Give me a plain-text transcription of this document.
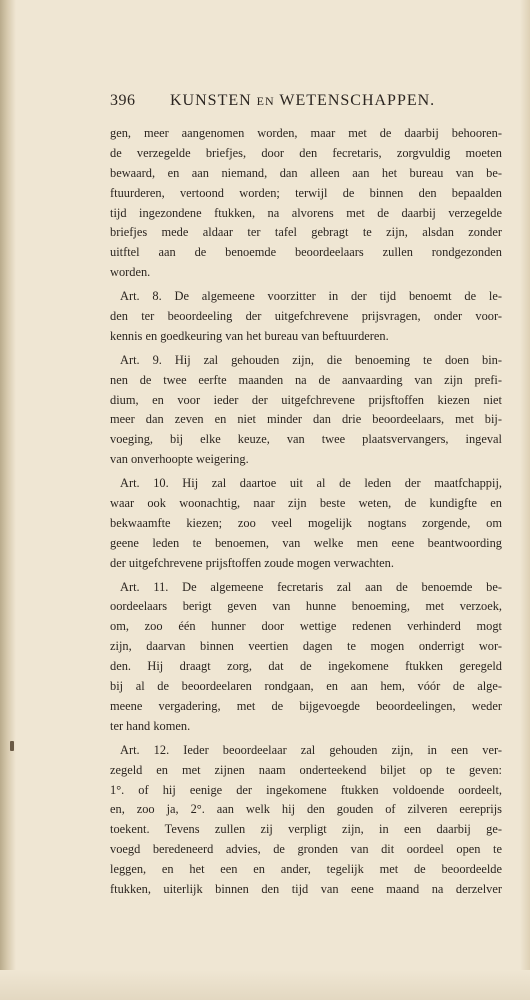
396 KUNSTEN EN WETENSCHAPPEN.
gen, meer aangenomen worden, maar met de daarbij behooren-
de verzegelde briefjes, door den fecretaris, zorgvuldig moeten
bewaard, en aan niemand, dan alleen aan het bureau van be-
ftuurderen, vertoond worden; terwijl de binnen den bepaalden
tijd ingezondene ftukken, na alvorens met de daarbij verzegelde
briefjes mede aldaar ter tafel gebragt te zijn, alsdan zonder
uitftel aan de benoemde beoordeelaars zullen rondgezonden
worden.
Art. 8. De algemeene voorzitter in der tijd benoemt de le-
den ter beoordeeling der uitgefchrevene prijsvragen, onder voor-
kennis en goedkeuring van het bureau van beftuurderen.
Art. 9. Hij zal gehouden zijn, die benoeming te doen bin-
nen de twee eerfte maanden na de aanvaarding van zijn prefi-
dium, en voor ieder der uitgefchrevene prijsftoffen kiezen niet
meer dan zeven en niet minder dan drie beoordeelaars, met bij-
voeging, bij elke keuze, van twee plaatsvervangers, ingeval
van onverhoopte weigering.
Art. 10. Hij zal daartoe uit al de leden der maatfchappij,
waar ook woonachtig, naar zijn beste weten, de kundigfte en
bekwaamfte kiezen; zoo veel mogelijk nogtans zorgende, om
geene leden te benoemen, van welke men eene beantwoording
der uitgefchrevene prijsftoffen zoude mogen verwachten.
Art. 11. De algemeene fecretaris zal aan de benoemde be-
oordeelaars berigt geven van hunne benoeming, met verzoek,
om, zoo één hunner door wettige redenen verhinderd mogt
zijn, daarvan binnen veertien dagen te mogen onderrigt wor-
den. Hij draagt zorg, dat de ingekomene ftukken geregeld
bij al de beoordeelaren rondgaan, en aan hem, vóór de alge-
meene vergadering, met de bijgevoegde beoordeelingen, weder
ter hand komen.
Art. 12. Ieder beoordeelaar zal gehouden zijn, in een ver-
zegeld en met zijnen naam onderteekend biljet op te geven:
1°. of hij eenige der ingekomene ftukken voldoende oordeelt,
en, zoo ja, 2°. aan welk hij den gouden of zilveren eereprijs
toekent. Tevens zullen zij verpligt zijn, in een daarbij ge-
voegd beredeneerd advies, de gronden van dit oordeel open te
leggen, en het een en ander, tegelijk met de beoordeelde
ftukken, uiterlijk binnen den tijd van eene maand na derzelver
